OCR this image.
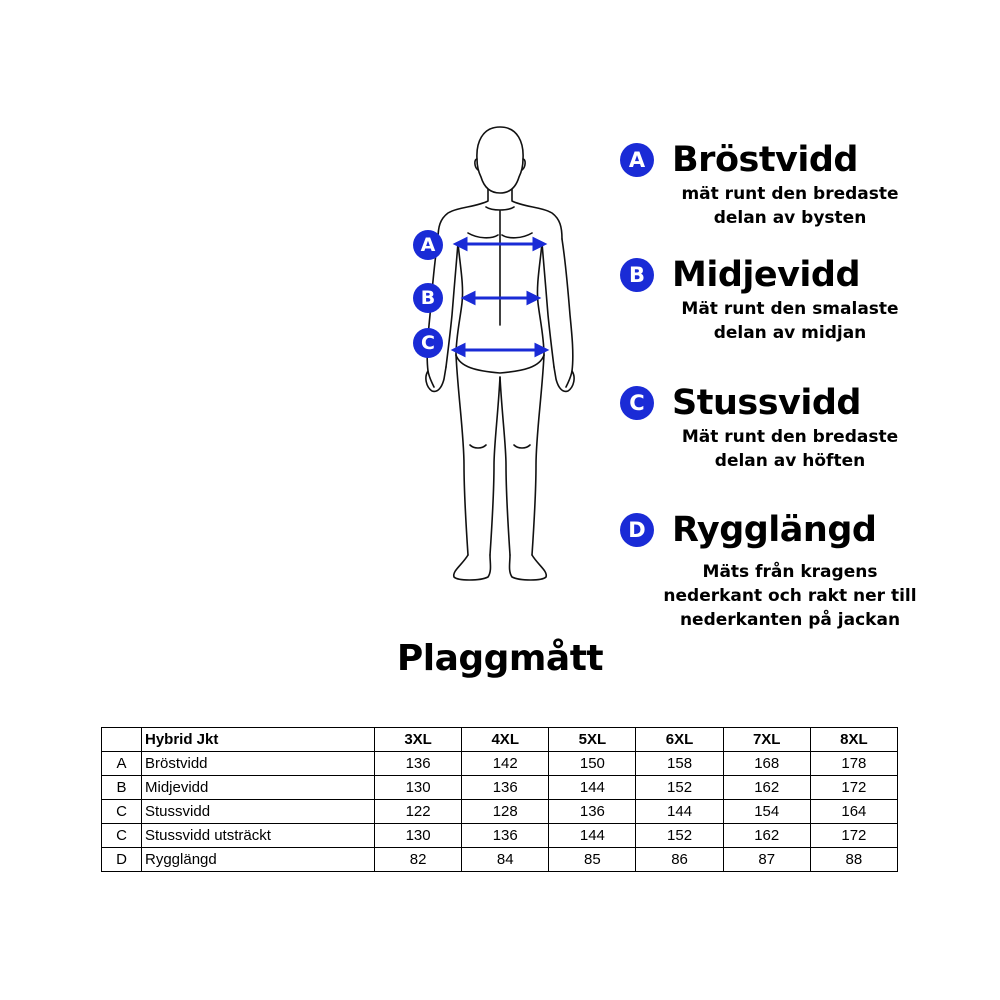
A
B
C
A Bröstvidd
mät runt den bredaste
delan av bysten
B Midjevidd
Mät runt den smalaste
delan av midjan
C Stussvidd
Mät runt den bredaste
delan av höften
D Rygglängd
Mäts från kragens
nederkant och rakt ner till
nederkanten på jackan
Plaggmått
	Hybrid Jkt	3XL	4XL	5XL	6XL	7XL	8XL
A	Bröstvidd	136	142	150	158	168	178
B	Midjevidd	130	136	144	152	162	172
C	Stussvidd	122	128	136	144	154	164
C	Stussvidd utsträckt	130	136	144	152	162	172
D	Rygglängd	82	84	85	86	87	88
